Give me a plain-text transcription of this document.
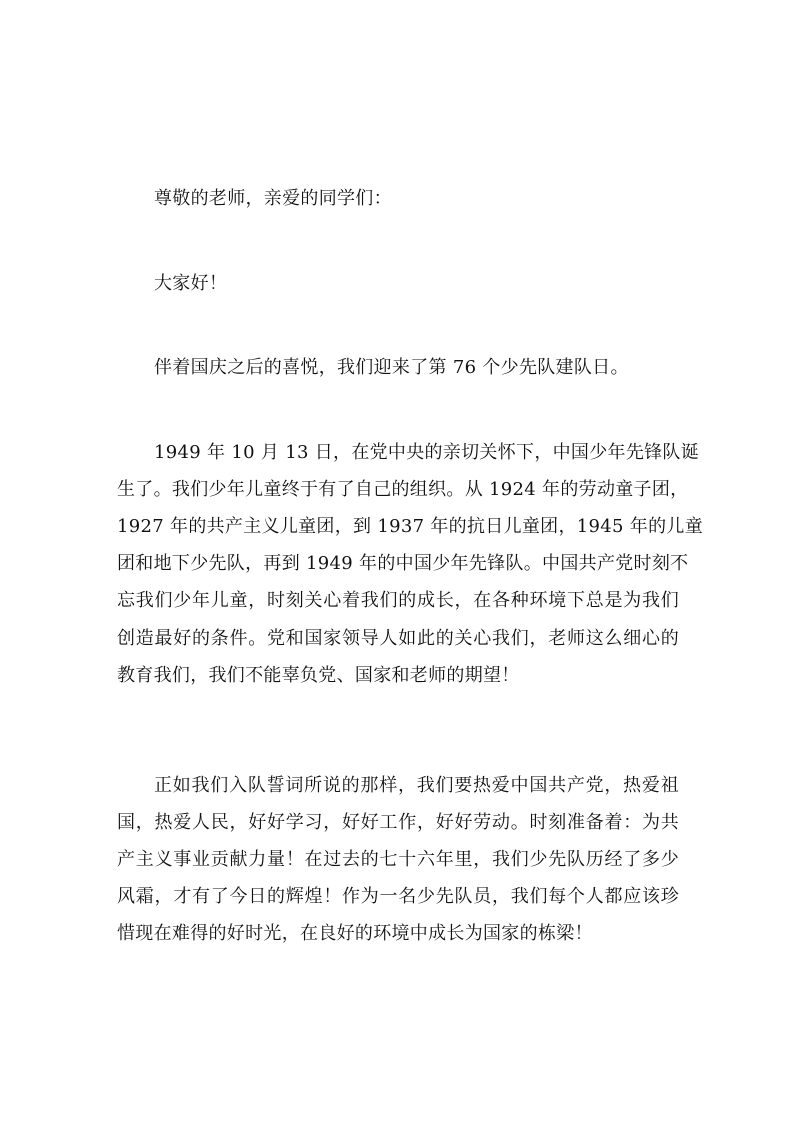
尊敬的老师，亲爱的同学们：
大家好！
伴着国庆之后的喜悦，我们迎来了第 76 个少先队建队日。
1949 年 10 月 13 日，在党中央的亲切关怀下，中国少年先锋队诞
生了。我们少年儿童终于有了自己的组织。从 1924 年的劳动童子团，
1927 年的共产主义儿童团，到 1937 年的抗日儿童团，1945 年的儿童
团和地下少先队，再到 1949 年的中国少年先锋队。中国共产党时刻不
忘我们少年儿童，时刻关心着我们的成长，在各种环境下总是为我们
创造最好的条件。党和国家领导人如此的关心我们，老师这么细心的
教育我们，我们不能辜负党、国家和老师的期望！
正如我们入队誓词所说的那样，我们要热爱中国共产党，热爱祖
国，热爱人民，好好学习，好好工作，好好劳动。时刻准备着：为共
产主义事业贡献力量！在过去的七十六年里，我们少先队历经了多少
风霜，才有了今日的辉煌！作为一名少先队员，我们每个人都应该珍
惜现在难得的好时光，在良好的环境中成长为国家的栋梁！
